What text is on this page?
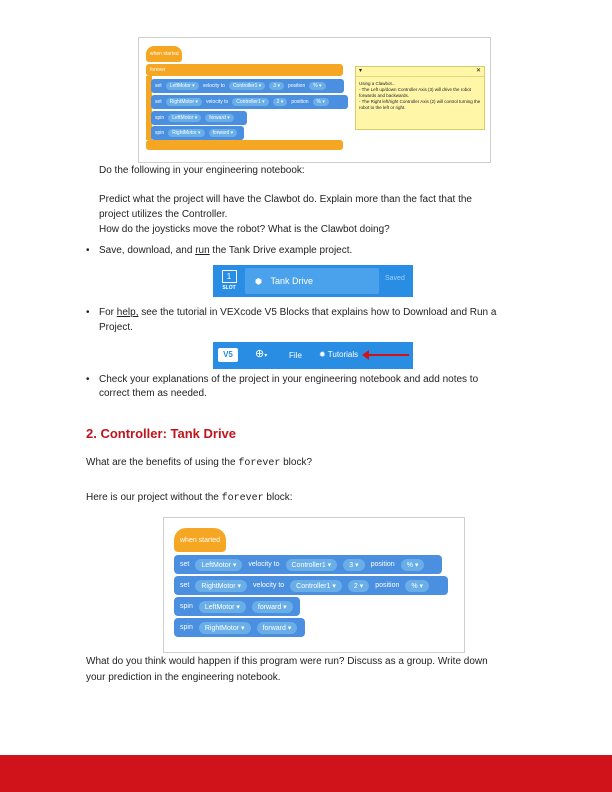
when started
forever
set	LeftMotor ▾	velocity to	Controller1 ▾	3 ▾	position	% ▾
set	RightMotor ▾	velocity to	Controller1 ▾	2 ▾	position	% ▾
spin	LeftMotor ▾	forward ▾
spin	RightMotor ▾	forward ▾
▾	✕
Using a Clawbot...
- The Left up/down Controller Axis (3) will drive the robot forwards and backwards.
- The Right left/right Controller Axis (2) will control turning the robot to the left or right.
Do the following in your engineering notebook:
Predict what the project will have the Clawbot do. Explain more than the fact that the
project utilizes the Controller.
How do the joysticks move the robot? What is the Clawbot doing?
• Save, download, and run the Tank Drive example project.
1
SLOT
⬢ Tank Drive	Saved
• For help, see the tutorial in VEXcode V5 Blocks that explains how to Download and Run a
Project.
V5	⊕▾	File ✹ Tutorials
• Check your explanations of the project in your engineering notebook and add notes to
correct them as needed.
2. Controller: Tank Drive
What are the benefits of using the forever block?
Here is our project without the forever block:
when started
set	LeftMotor ▾	velocity to	Controller1 ▾	3 ▾	position	% ▾
set	RightMotor ▾	velocity to	Controller1 ▾	2 ▾	position	% ▾
spin	LeftMotor ▾	forward ▾
spin	RightMotor ▾	forward ▾
What do you think would happen if this program were run? Discuss as a group. Write down
your prediction in the engineering notebook.
